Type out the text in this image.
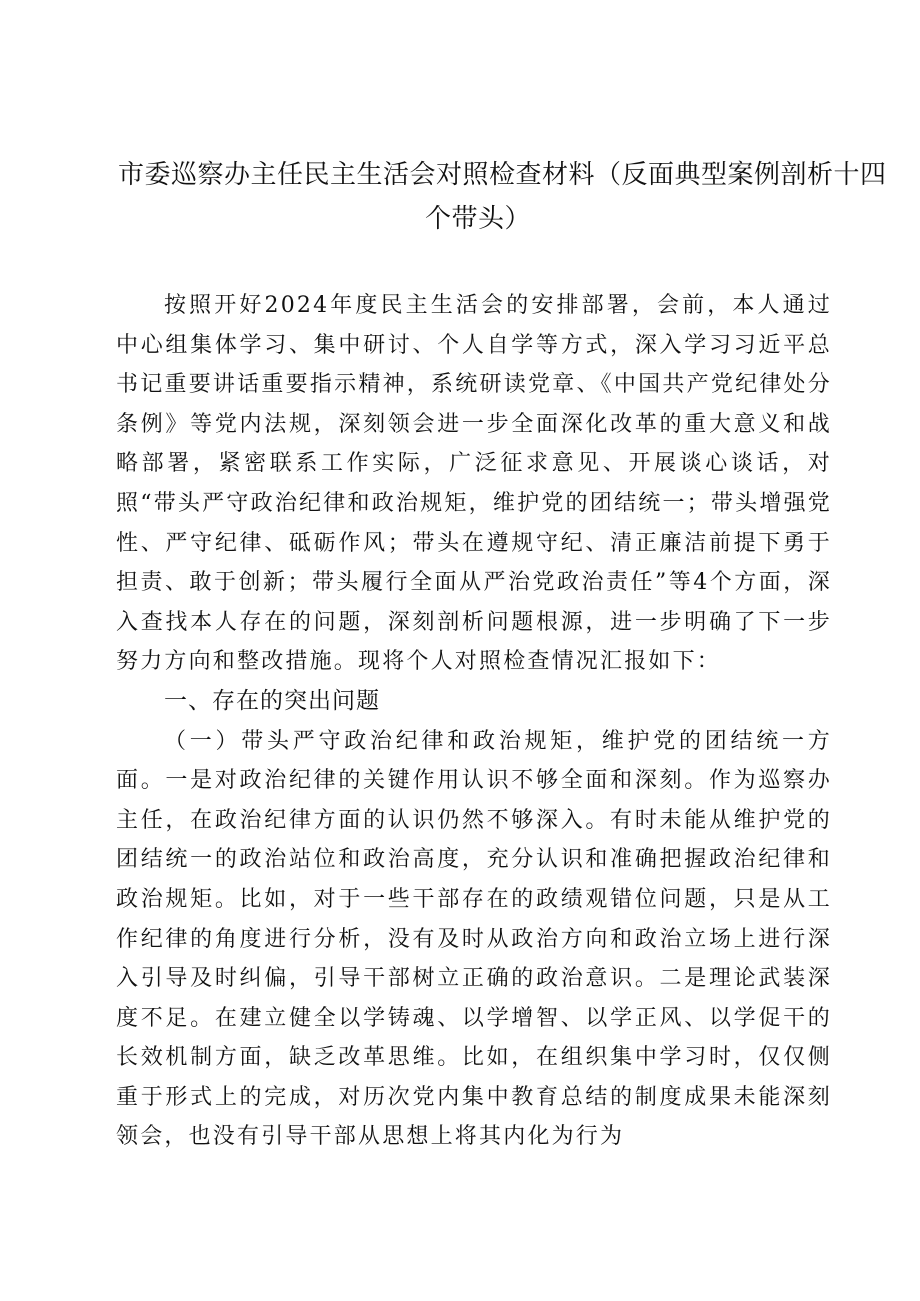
市委巡察办主任民主生活会对照检查材料（反面典型案例剖析十四
个带头）

按照开好2024年度民主生活会的安排部署，会前，本人通过中心组集体学习、集中研讨、个人自学等方式，深入学习习近平总书记重要讲话重要指示精神，系统研读党章、《中国共产党纪律处分条例》等党内法规，深刻领会进一步全面深化改革的重大意义和战略部署，紧密联系工作实际，广泛征求意见、开展谈心谈话，对照“带头严守政治纪律和政治规矩，维护党的团结统一；带头增强党性、严守纪律、砥砺作风；带头在遵规守纪、清正廉洁前提下勇于担责、敢于创新；带头履行全面从严治党政治责任”等4个方面，深入查找本人存在的问题，深刻剖析问题根源，进一步明确了下一步努力方向和整改措施。现将个人对照检查情况汇报如下：

一、存在的突出问题

（一）带头严守政治纪律和政治规矩，维护党的团结统一方面。一是对政治纪律的关键作用认识不够全面和深刻。作为巡察办主任，在政治纪律方面的认识仍然不够深入。有时未能从维护党的团结统一的政治站位和政治高度，充分认识和准确把握政治纪律和政治规矩。比如，对于一些干部存在的政绩观错位问题，只是从工作纪律的角度进行分析，没有及时从政治方向和政治立场上进行深入引导及时纠偏，引导干部树立正确的政治意识。二是理论武装深度不足。在建立健全以学铸魂、以学增智、以学正风、以学促干的长效机制方面，缺乏改革思维。比如，在组织集中学习时，仅仅侧重于形式上的完成，对历次党内集中教育总结的制度成果未能深刻领会，也没有引导干部从思想上将其内化为行为
